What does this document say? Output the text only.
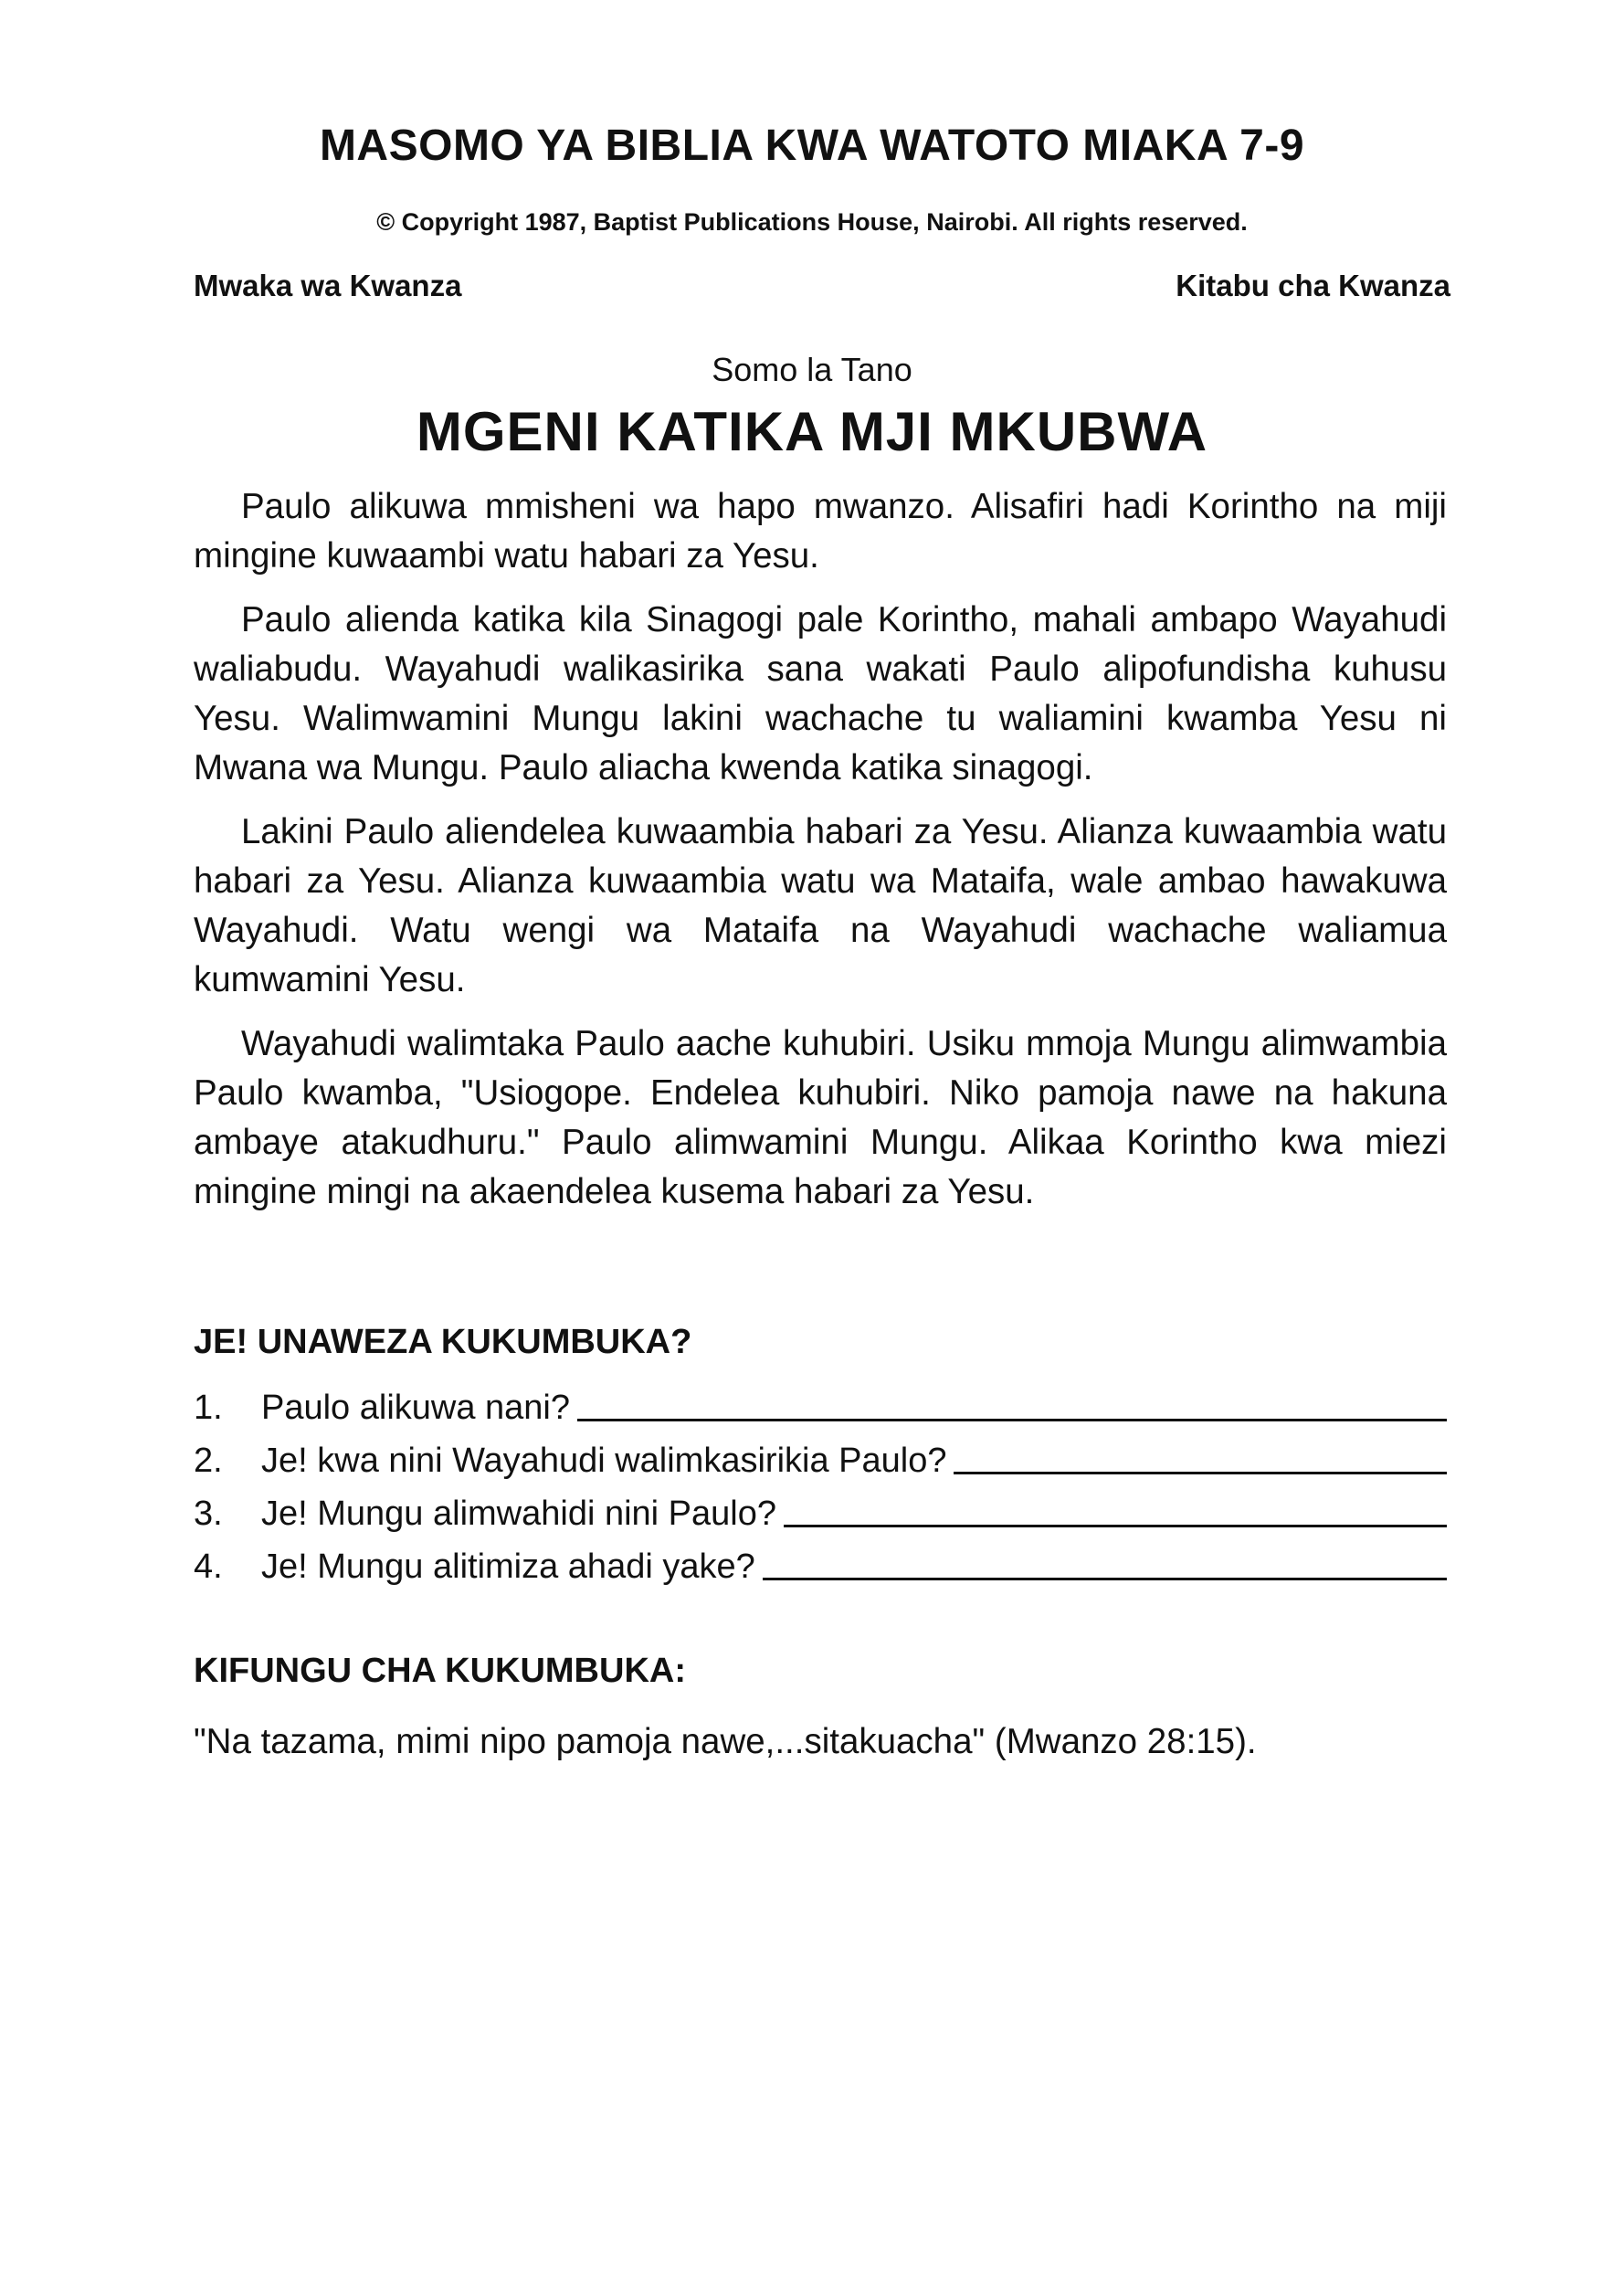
MASOMO YA BIBLIA KWA WATOTO MIAKA 7-9
© Copyright 1987, Baptist Publications House, Nairobi. All rights reserved.
Mwaka wa Kwanza	Kitabu cha Kwanza
Somo la Tano
MGENI KATIKA MJI MKUBWA

Paulo alikuwa mmisheni wa hapo mwanzo. Alisafiri hadi Korintho na miji mingine kuwaambi watu habari za Yesu.

Paulo alienda katika kila Sinagogi pale Korintho, mahali ambapo Wayahudi waliabudu. Wayahudi walikasirika sana wakati Paulo alipofundisha kuhusu Yesu. Walimwamini Mungu lakini wachache tu waliamini kwamba Yesu ni Mwana wa Mungu. Paulo aliacha kwenda katika sinagogi.

Lakini Paulo aliendelea kuwaambia habari za Yesu. Alianza kuwaambia watu habari za Yesu. Alianza kuwaambia watu wa Mataifa, wale ambao hawakuwa Wayahudi. Watu wengi wa Mataifa na Wayahudi wachache waliamua kumwamini Yesu.

Wayahudi walimtaka Paulo aache kuhubiri. Usiku mmoja Mungu alimwambia Paulo kwamba, "Usiogope. Endelea kuhubiri. Niko pamoja nawe na hakuna ambaye atakudhuru." Paulo alimwamini Mungu. Alikaa Korintho kwa miezi mingine mingi na akaendelea kusema habari za Yesu.

JE! UNAWEZA KUKUMBUKA?
1.	Paulo alikuwa nani?
2.	Je! kwa nini Wayahudi walimkasirikia Paulo?
3.	Je! Mungu alimwahidi nini Paulo?
4.	Je! Mungu alitimiza ahadi yake?
KIFUNGU CHA KUKUMBUKA:
"Na tazama, mimi nipo pamoja nawe,...sitakuacha" (Mwanzo 28:15).
